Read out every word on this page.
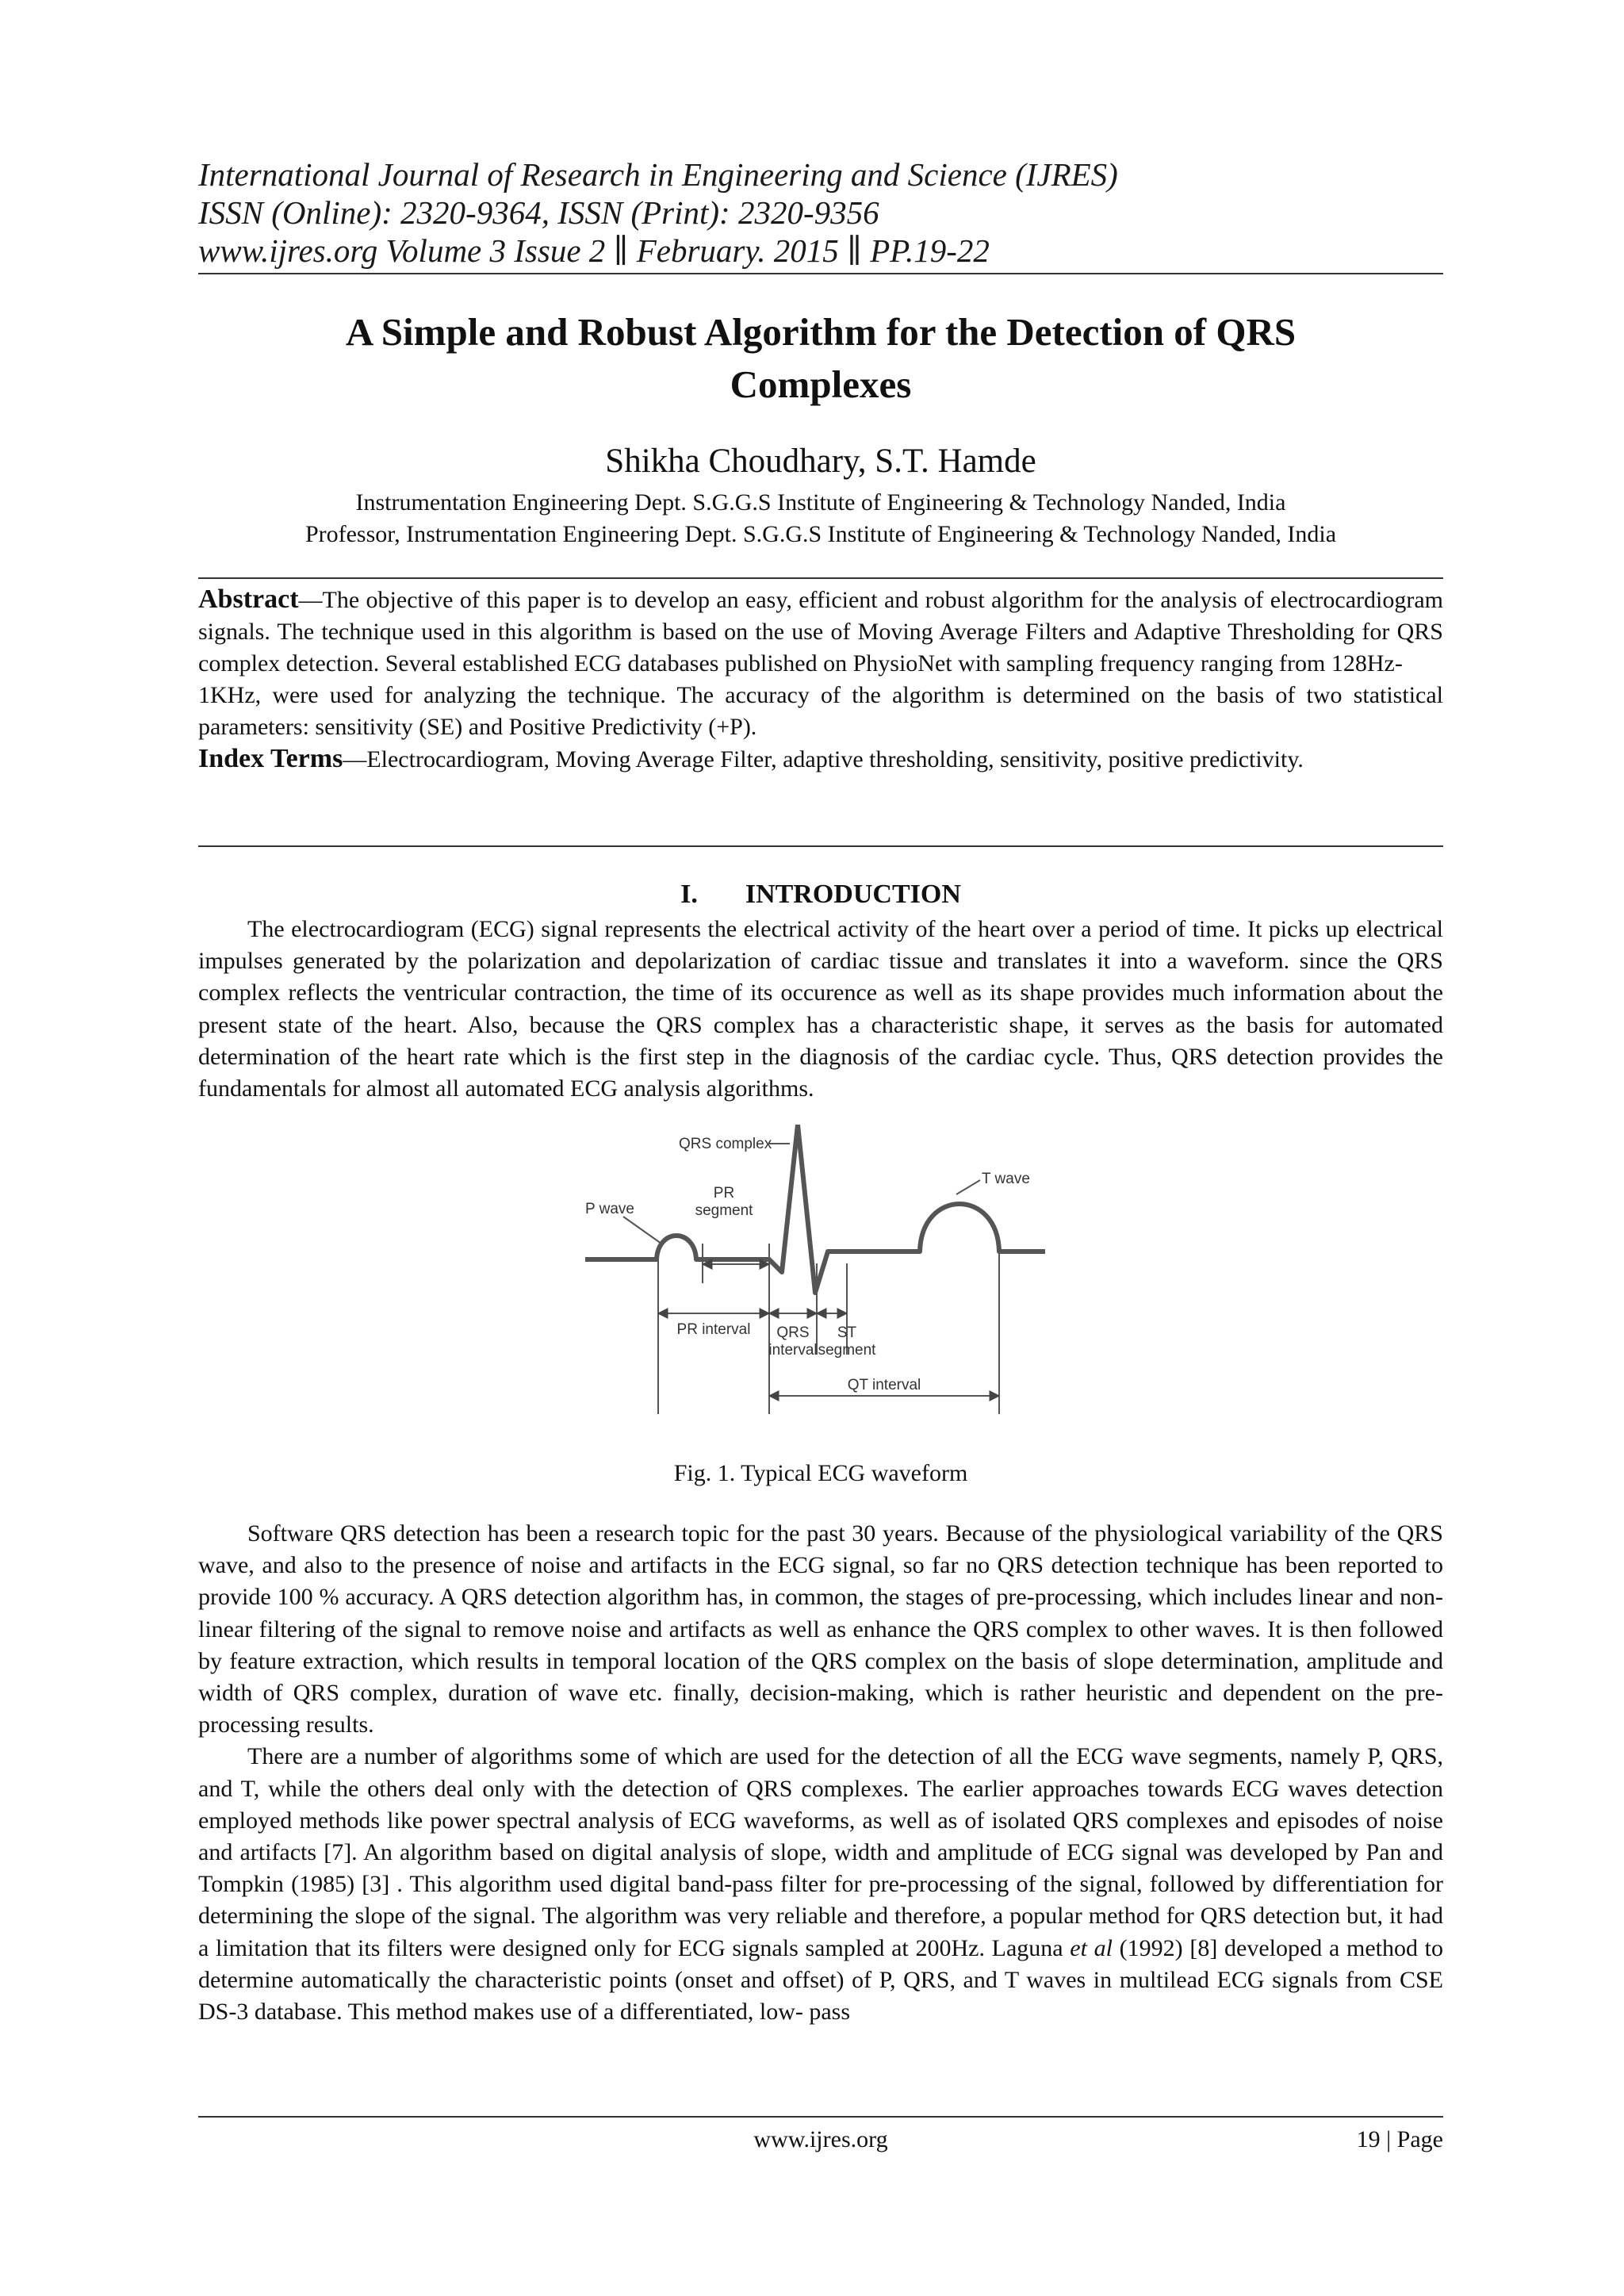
International Journal of Research in Engineering and Science (IJRES)
ISSN (Online): 2320-9364, ISSN (Print): 2320-9356
www.ijres.org Volume 3 Issue 2 ∥ February. 2015 ∥ PP.19-22
A Simple and Robust Algorithm for the Detection of QRS
Complexes
Shikha Choudhary, S.T. Hamde
Instrumentation Engineering Dept. S.G.G.S Institute of Engineering & Technology Nanded, India
Professor, Instrumentation Engineering Dept. S.G.G.S Institute of Engineering & Technology Nanded, India

Abstract—The objective of this paper is to develop an easy, efficient and robust algorithm for the analysis of electrocardiogram signals. The technique used in this algorithm is based on the use of Moving Average Filters and Adaptive Thresholding for QRS complex detection. Several established ECG databases published on PhysioNet with sampling frequency ranging from 128Hz-

1KHz, were used for analyzing the technique. The accuracy of the algorithm is determined on the basis of two statistical parameters: sensitivity (SE) and Positive Predictivity (+P).

Index Terms—Electrocardiogram, Moving Average Filter, adaptive thresholding, sensitivity, positive predictivity.

I. INTRODUCTION

The electrocardiogram (ECG) signal represents the electrical activity of the heart over a period of time. It picks up electrical impulses generated by the polarization and depolarization of cardiac tissue and translates it into a waveform. since the QRS complex reflects the ventricular contraction, the time of its occurence as well as its shape provides much information about the present state of the heart. Also, because the QRS complex has a characteristic shape, it serves as the basis for automated determination of the heart rate which is the first step in the diagnosis of the cardiac cycle. Thus, QRS detection provides the fundamentals for almost all automated ECG analysis algorithms.

QRS complex
P wave
PR
segment
T wave
PR interval QRS
interval
ST
segment
QT interval
Fig. 1. Typical ECG waveform

Software QRS detection has been a research topic for the past 30 years. Because of the physiological variability of the QRS wave, and also to the presence of noise and artifacts in the ECG signal, so far no QRS detection technique has been reported to provide 100 % accuracy. A QRS detection algorithm has, in common, the stages of pre-processing, which includes linear and non-linear filtering of the signal to remove noise and artifacts as well as enhance the QRS complex to other waves. It is then followed by feature extraction, which results in temporal location of the QRS complex on the basis of slope determination, amplitude and width of QRS complex, duration of wave etc. finally, decision-making, which is rather heuristic and dependent on the pre-processing results.

There are a number of algorithms some of which are used for the detection of all the ECG wave segments, namely P, QRS, and T, while the others deal only with the detection of QRS complexes. The earlier approaches towards ECG waves detection employed methods like power spectral analysis of ECG waveforms, as well as of isolated QRS complexes and episodes of noise and artifacts [7]. An algorithm based on digital analysis of slope, width and amplitude of ECG signal was developed by Pan and Tompkin (1985) [3] . This algorithm used digital band-pass filter for pre-processing of the signal, followed by differentiation for determining the slope of the signal. The algorithm was very reliable and therefore, a popular method for QRS detection but, it had a limitation that its filters were designed only for ECG signals sampled at 200Hz. Laguna et al (1992) [8] developed a method to determine automatically the characteristic points (onset and offset) of P, QRS, and T waves in multilead ECG signals from CSE DS-3 database. This method makes use of a differentiated, low- pass

www.ijres.org	19 | Page
